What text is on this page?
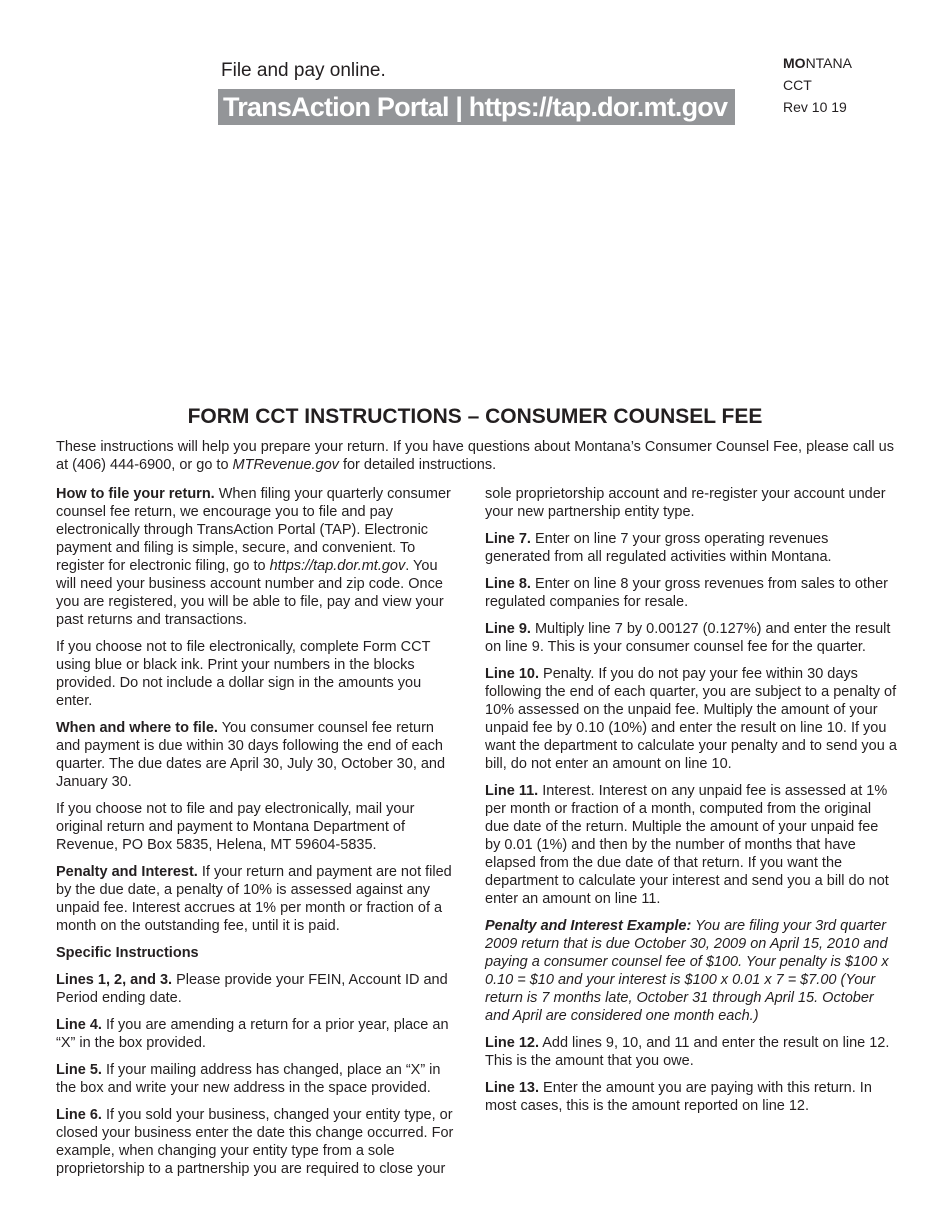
File and pay online.
TransAction Portal | https://tap.dor.mt.gov
MONTANA
CCT
Rev 10 19
FORM CCT INSTRUCTIONS – CONSUMER COUNSEL FEE
These instructions will help you prepare your return. If you have questions about Montana’s Consumer Counsel Fee, please call us at (406) 444-6900, or go to MTRevenue.gov for detailed instructions.

How to file your return. When filing your quarterly consumer counsel fee return, we encourage you to file and pay electronically through TransAction Portal (TAP). Electronic payment and filing is simple, secure, and convenient. To register for electronic filing, go to https://tap.dor.mt.gov. You will need your business account number and zip code. Once you are registered, you will be able to file, pay and view your past returns and transactions.

If you choose not to file electronically, complete Form CCT using blue or black ink. Print your numbers in the blocks provided. Do not include a dollar sign in the amounts you enter.

When and where to file. You consumer counsel fee return and payment is due within 30 days following the end of each quarter. The due dates are April 30, July 30, October 30, and January 30.

If you choose not to file and pay electronically, mail your original return and payment to Montana Department of Revenue, PO Box 5835, Helena, MT 59604-5835.

Penalty and Interest. If your return and payment are not filed by the due date, a penalty of 10% is assessed against any unpaid fee. Interest accrues at 1% per month or fraction of a month on the outstanding fee, until it is paid.

Specific Instructions

Lines 1, 2, and 3. Please provide your FEIN, Account ID and Period ending date.

Line 4. If you are amending a return for a prior year, place an “X” in the box provided.

Line 5. If your mailing address has changed, place an “X” in the box and write your new address in the space provided.

Line 6. If you sold your business, changed your entity type, or closed your business enter the date this change occurred. For example, when changing your entity type from a sole proprietorship to a partnership you are required to close your

sole proprietorship account and re-register your account under your new partnership entity type.

Line 7. Enter on line 7 your gross operating revenues generated from all regulated activities within Montana.

Line 8. Enter on line 8 your gross revenues from sales to other regulated companies for resale.

Line 9. Multiply line 7 by 0.00127 (0.127%) and enter the result on line 9. This is your consumer counsel fee for the quarter.

Line 10. Penalty. If you do not pay your fee within 30 days following the end of each quarter, you are subject to a penalty of 10% assessed on the unpaid fee. Multiply the amount of your unpaid fee by 0.10 (10%) and enter the result on line 10. If you want the department to calculate your penalty and to send you a bill, do not enter an amount on line 10.

Line 11. Interest. Interest on any unpaid fee is assessed at 1% per month or fraction of a month, computed from the original due date of the return. Multiple the amount of your unpaid fee by 0.01 (1%) and then by the number of months that have elapsed from the due date of that return. If you want the department to calculate your interest and send you a bill do not enter an amount on line 11.

Penalty and Interest Example: You are filing your 3rd quarter 2009 return that is due October 30, 2009 on April 15, 2010 and paying a consumer counsel fee of $100. Your penalty is $100 x 0.10 = $10 and your interest is $100 x 0.01 x 7 = $7.00 (Your return is 7 months late, October 31 through April 15. October and April are considered one month each.)

Line 12. Add lines 9, 10, and 11 and enter the result on line 12. This is the amount that you owe.

Line 13. Enter the amount you are paying with this return. In most cases, this is the amount reported on line 12.
